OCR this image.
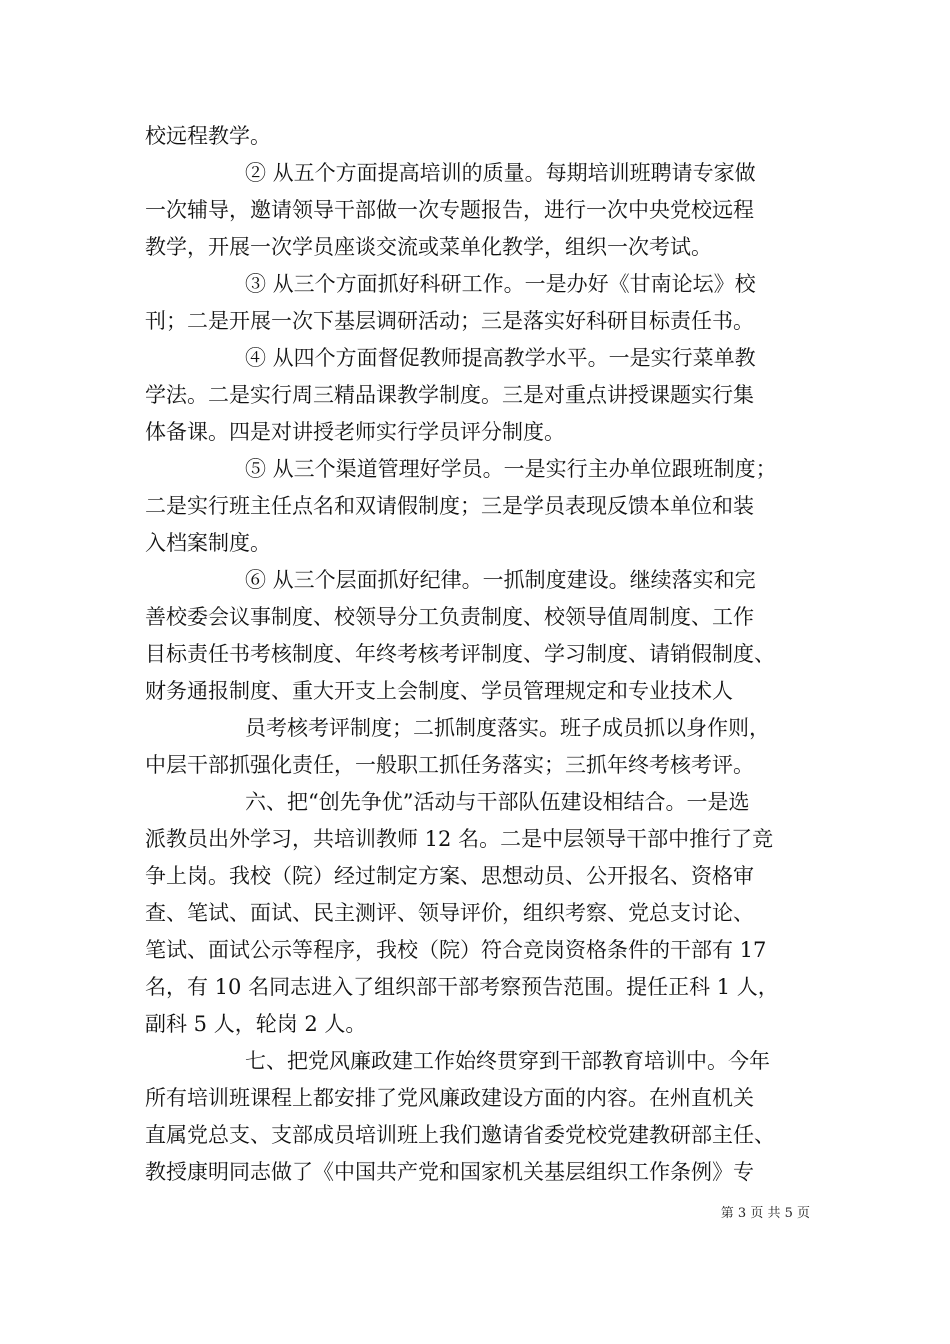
校远程教学。
② 从五个方面提高培训的质量。每期培训班聘请专家做
一次辅导，邀请领导干部做一次专题报告，进行一次中央党校远程
教学，开展一次学员座谈交流或菜单化教学，组织一次考试。
③ 从三个方面抓好科研工作。一是办好《甘南论坛》校
刊；二是开展一次下基层调研活动；三是落实好科研目标责任书。
④ 从四个方面督促教师提高教学水平。一是实行菜单教
学法。二是实行周三精品课教学制度。三是对重点讲授课题实行集
体备课。四是对讲授老师实行学员评分制度。
⑤ 从三个渠道管理好学员。一是实行主办单位跟班制度；
二是实行班主任点名和双请假制度；三是学员表现反馈本单位和装
入档案制度。
⑥ 从三个层面抓好纪律。一抓制度建设。继续落实和完
善校委会议事制度、校领导分工负责制度、校领导值周制度、工作
目标责任书考核制度、年终考核考评制度、学习制度、请销假制度、
财务通报制度、重大开支上会制度、学员管理规定和专业技术人
员考核考评制度；二抓制度落实。班子成员抓以身作则，
中层干部抓强化责任，一般职工抓任务落实；三抓年终考核考评。
六、把“创先争优”活动与干部队伍建设相结合。一是选
派教员出外学习，共培训教师 12 名。二是中层领导干部中推行了竞
争上岗。我校（院）经过制定方案、思想动员、公开报名、资格审
查、笔试、面试、民主测评、领导评价，组织考察、党总支讨论、
笔试、面试公示等程序，我校（院）符合竞岗资格条件的干部有 17
名，有 10 名同志进入了组织部干部考察预告范围。提任正科 1 人，
副科 5 人，轮岗 2 人。
七、把党风廉政建工作始终贯穿到干部教育培训中。今年
所有培训班课程上都安排了党风廉政建设方面的内容。在州直机关
直属党总支、支部成员培训班上我们邀请省委党校党建教研部主任、
教授康明同志做了《中国共产党和国家机关基层组织工作条例》专
第 3 页 共 5 页
